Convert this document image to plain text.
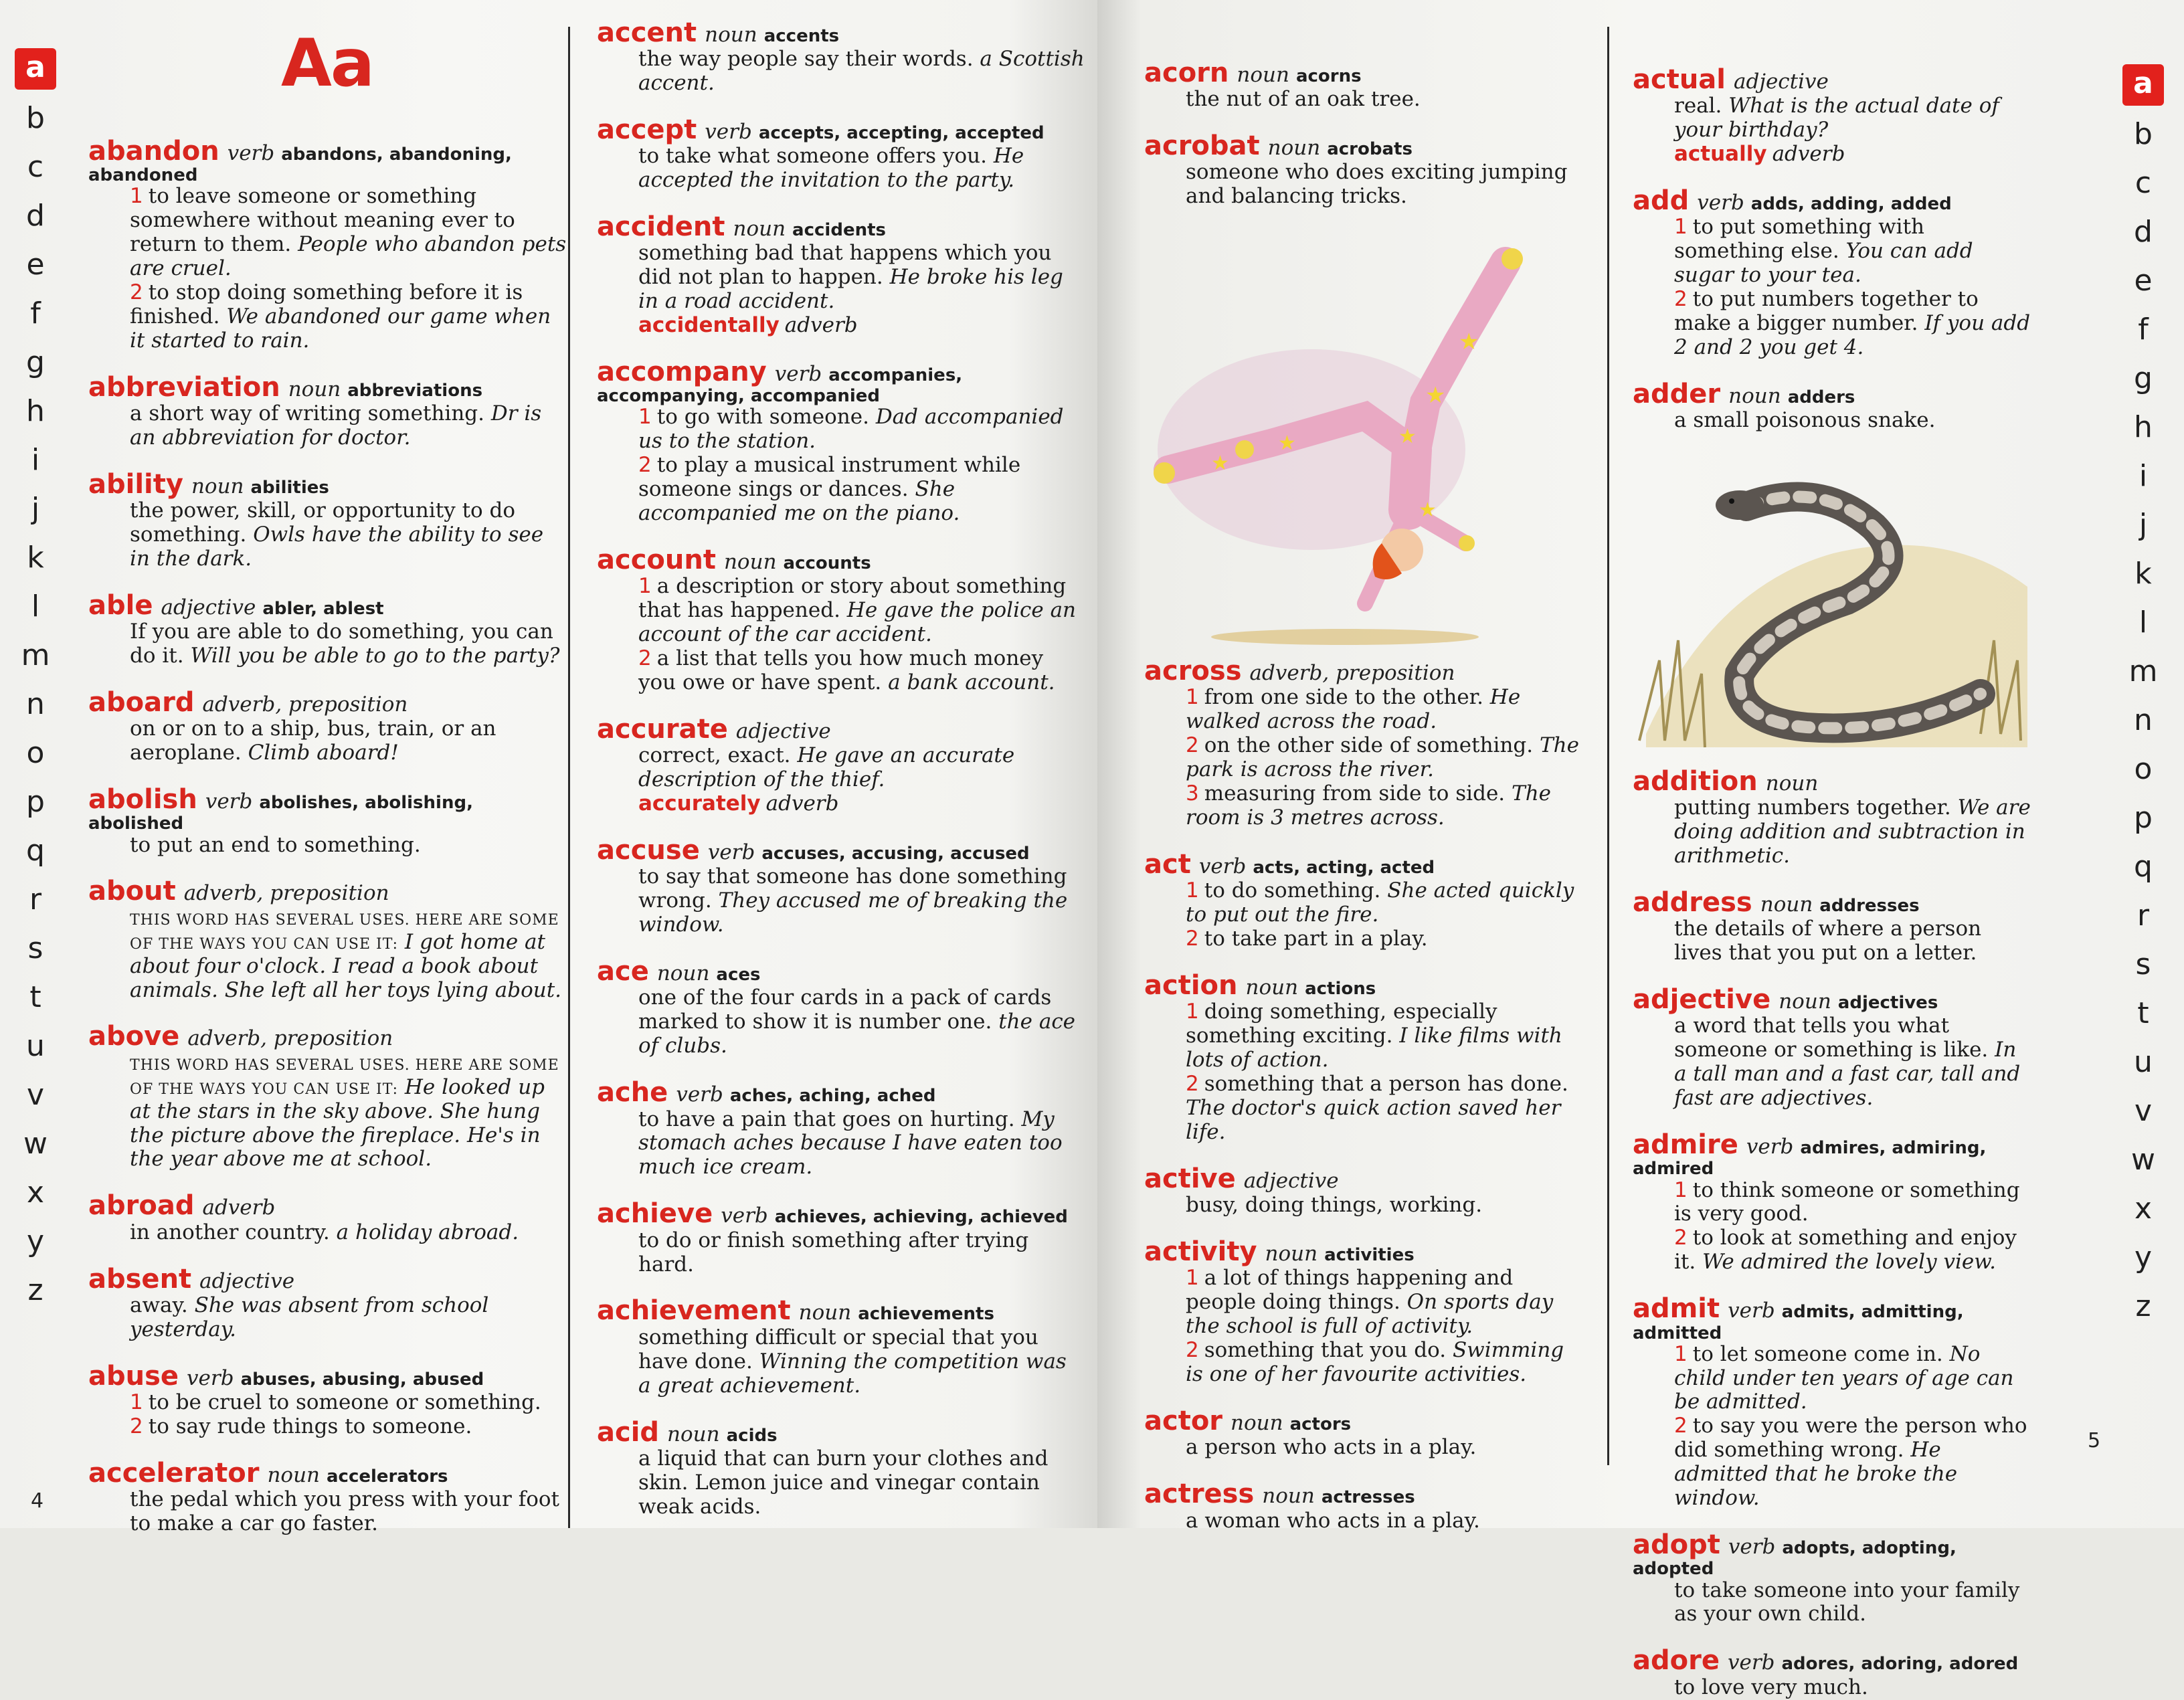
a
b
c
d
e
f
g
h
i
j
k
l
m
n
o
p
q
r
s
t
u
v
w
x
y
z
Aa
abandon verb abandons, abandoning, abandoned
1 to leave someone or something somewhere without meaning ever to return to them. People who abandon pets are cruel.
2 to stop doing something before it is finished. We abandoned our game when it started to rain.
abbreviation noun abbreviations
a short way of writing something. Dr is an abbreviation for doctor.
ability noun abilities
the power, skill, or opportunity to do something. Owls have the ability to see in the dark.
able adjective abler, ablest
If you are able to do something, you can do it. Will you be able to go to the party?
aboard adverb, preposition
on or on to a ship, bus, train, or an aeroplane. Climb aboard!
abolish verb abolishes, abolishing, abolished
to put an end to something.
about adverb, preposition
THIS WORD HAS SEVERAL USES. HERE ARE SOME OF THE WAYS YOU CAN USE IT: I got home at about four o'clock. I read a book about animals. She left all her toys lying about.
above adverb, preposition
THIS WORD HAS SEVERAL USES. HERE ARE SOME OF THE WAYS YOU CAN USE IT: He looked up at the stars in the sky above. She hung the picture above the fireplace. He's in the year above me at school.
abroad adverb
in another country. a holiday abroad.
absent adjective
away. She was absent from school yesterday.
abuse verb abuses, abusing, abused
1 to be cruel to someone or something.
2 to say rude things to someone.
accelerator noun accelerators
the pedal which you press with your foot to make a car go faster.
accent noun accents
the way people say their words. a Scottish accent.
accept verb accepts, accepting, accepted
to take what someone offers you. He accepted the invitation to the party.
accident noun accidents
something bad that happens which you did not plan to happen. He broke his leg in a road accident.
accidentally adverb
accompany verb accompanies, accompanying, accompanied
1 to go with someone. Dad accompanied us to the station.
2 to play a musical instrument while someone sings or dances. She accompanied me on the piano.
account noun accounts
1 a description or story about something that has happened. He gave the police an account of the car accident.
2 a list that tells you how much money you owe or have spent. a bank account.
accurate adjective
correct, exact. He gave an accurate description of the thief.
accurately adverb
accuse verb accuses, accusing, accused
to say that someone has done something wrong. They accused me of breaking the window.
ace noun aces
one of the four cards in a pack of cards marked to show it is number one. the ace of clubs.
ache verb aches, aching, ached
to have a pain that goes on hurting. My stomach aches because I have eaten too much ice cream.
achieve verb achieves, achieving, achieved
to do or finish something after trying hard.
achievement noun achievements
something difficult or special that you have done. Winning the competition was a great achievement.
acid noun acids
a liquid that can burn your clothes and skin. Lemon juice and vinegar contain weak acids.
4
acorn noun acorns
the nut of an oak tree.
acrobat noun acrobats
someone who does exciting jumping and balancing tricks.
★
★
★
★	★
★
across adverb, preposition
1 from one side to the other. He walked across the road.
2 on the other side of something. The park is across the river.
3 measuring from side to side. The room is 3 metres across.
act verb acts, acting, acted
1 to do something. She acted quickly to put out the fire.
2 to take part in a play.
action noun actions
1 doing something, especially something exciting. I like films with lots of action.
2 something that a person has done. The doctor's quick action saved her life.
active adjective
busy, doing things, working.
activity noun activities
1 a lot of things happening and people doing things. On sports day the school is full of activity.
2 something that you do. Swimming is one of her favourite activities.
actor noun actors
a person who acts in a play.
actress noun actresses
a woman who acts in a play.
actual adjective
real. What is the actual date of your birthday?
actually adverb
add verb adds, adding, added
1 to put something with something else. You can add sugar to your tea.
2 to put numbers together to make a bigger number. If you add 2 and 2 you get 4.
adder noun adders
a small poisonous snake.
addition noun
putting numbers together. We are doing addition and subtraction in arithmetic.
address noun addresses
the details of where a person lives that you put on a letter.
adjective noun adjectives
a word that tells you what someone or something is like. In a tall man and a fast car, tall and fast are adjectives.
admire verb admires, admiring, admired
1 to think someone or something is very good.
2 to look at something and enjoy it. We admired the lovely view.
admit verb admits, admitting, admitted
1 to let someone come in. No child under ten years of age can be admitted.
2 to say you were the person who did something wrong. He admitted that he broke the window.
adopt verb adopts, adopting, adopted
to take someone into your family as your own child.
adore verb adores, adoring, adored
to love very much.
a
b
c
d
e
f
g
h
i
j
k
l
m
n
o
p
q
r
s
t
u
v
w
x
y
z
5
